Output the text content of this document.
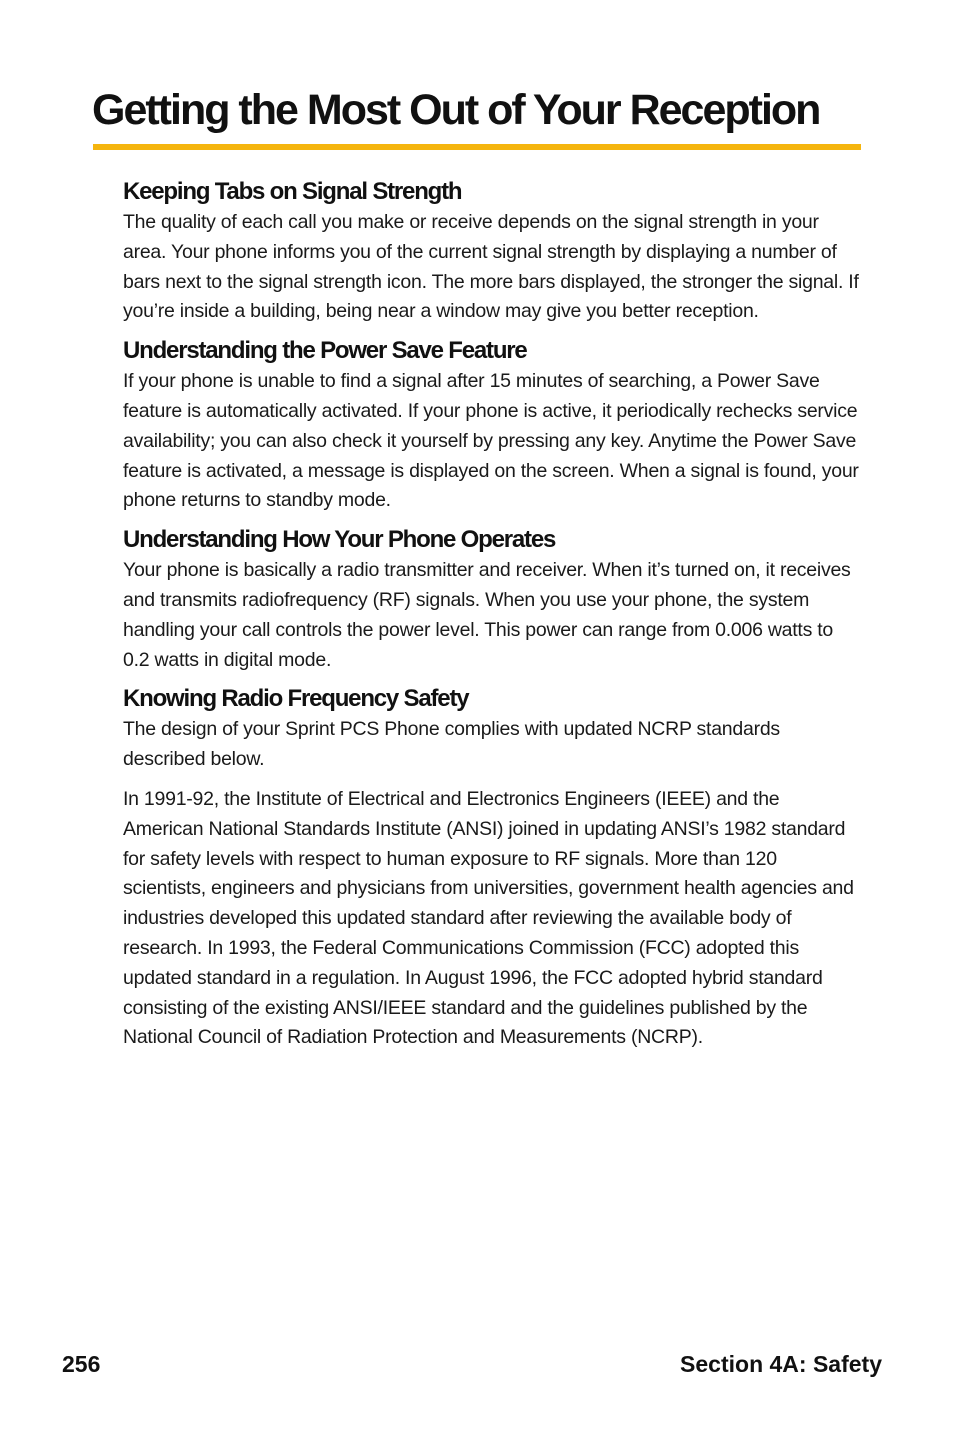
Getting the Most Out of Your Reception
Keeping Tabs on Signal Strength

The quality of each call you make or receive depends on the signal strength in your area. Your phone informs you of the current signal strength by displaying a number of bars next to the signal strength icon. The more bars displayed, the stronger the signal. If you’re inside a building, being near a window may give you better reception.

Understanding the Power Save Feature

If your phone is unable to find a signal after 15 minutes of searching, a Power Save feature is automatically activated. If your phone is active, it periodically rechecks service availability; you can also check it yourself by pressing any key. Anytime the Power Save feature is activated, a message is displayed on the screen. When a signal is found, your phone returns to standby mode.

Understanding How Your Phone Operates

Your phone is basically a radio transmitter and receiver. When it’s turned on, it receives and transmits radiofrequency (RF) signals. When you use your phone, the system handling your call controls the power level. This power can range from 0.006 watts to 0.2 watts in digital mode.

Knowing Radio Frequency Safety

The design of your Sprint PCS Phone complies with updated NCRP standards described below.

In 1991-92, the Institute of Electrical and Electronics Engineers (IEEE) and the American National Standards Institute (ANSI) joined in updating ANSI’s 1982 standard for safety levels with respect to human exposure to RF signals. More than 120 scientists, engineers and physicians from universities, government health agencies and industries developed this updated standard after reviewing the available body of research. In 1993, the Federal Communications Commission (FCC) adopted this updated standard in a regulation. In August 1996, the FCC adopted hybrid standard consisting of the existing ANSI/IEEE standard and the guidelines published by the National Council of Radiation Protection and Measurements (NCRP).

256	Section 4A: Safety
